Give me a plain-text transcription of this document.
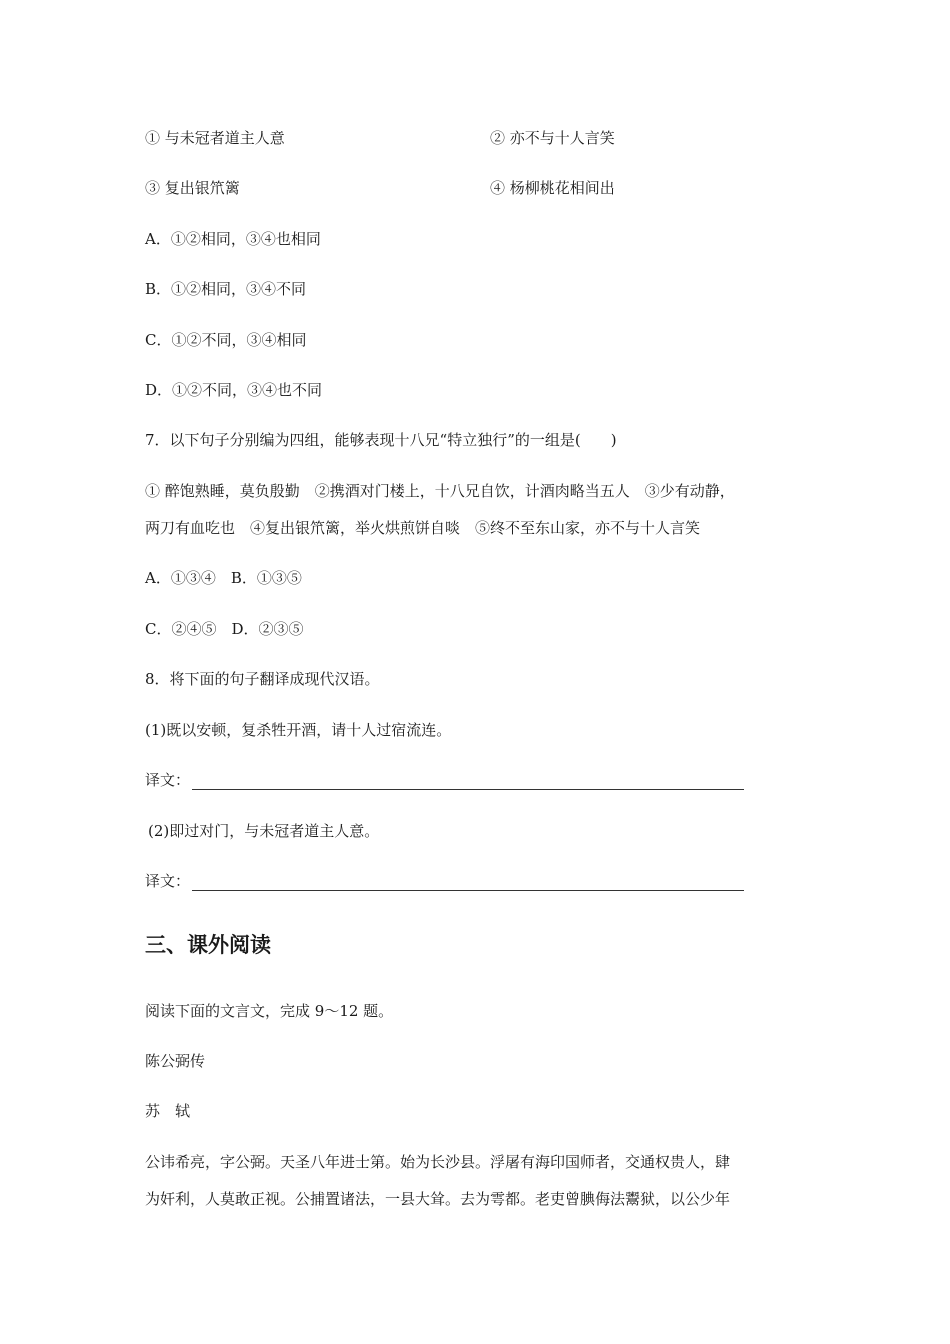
① 与未冠者道主人意	② 亦不与十人言笑
③ 复出银笊篱	④ 杨柳桃花相间出
A．①②相同，③④也相同
B．①②相同，③④不同
C．①②不同，③④相同
D．①②不同，③④也不同
7．以下句子分别编为四组，能够表现十八兄“特立独行”的一组是(　　)
① 醉饱熟睡，莫负殷勤　②携酒对门楼上，十八兄自饮，计酒肉略当五人　③少有动静，
两刀有血吃也　④复出银笊篱，举火烘煎饼自啖　⑤终不至东山家，亦不与十人言笑
A．①③④　B．①③⑤
C．②④⑤　D．②③⑤
8．将下面的句子翻译成现代汉语。
(1)既以安顿，复杀牲开酒，请十人过宿流连。
译文：
(2)即过对门，与未冠者道主人意。
译文：
三、课外阅读
阅读下面的文言文，完成 9～12 题。
陈公弼传
苏　轼
公讳希亮，字公弼。天圣八年进士第。始为长沙县。浮屠有海印国师者，交通权贵人，肆
为奸利，人莫敢正视。公捕置诸法，一县大耸。去为雩都。老吏曾腆侮法鬻狱，以公少年
